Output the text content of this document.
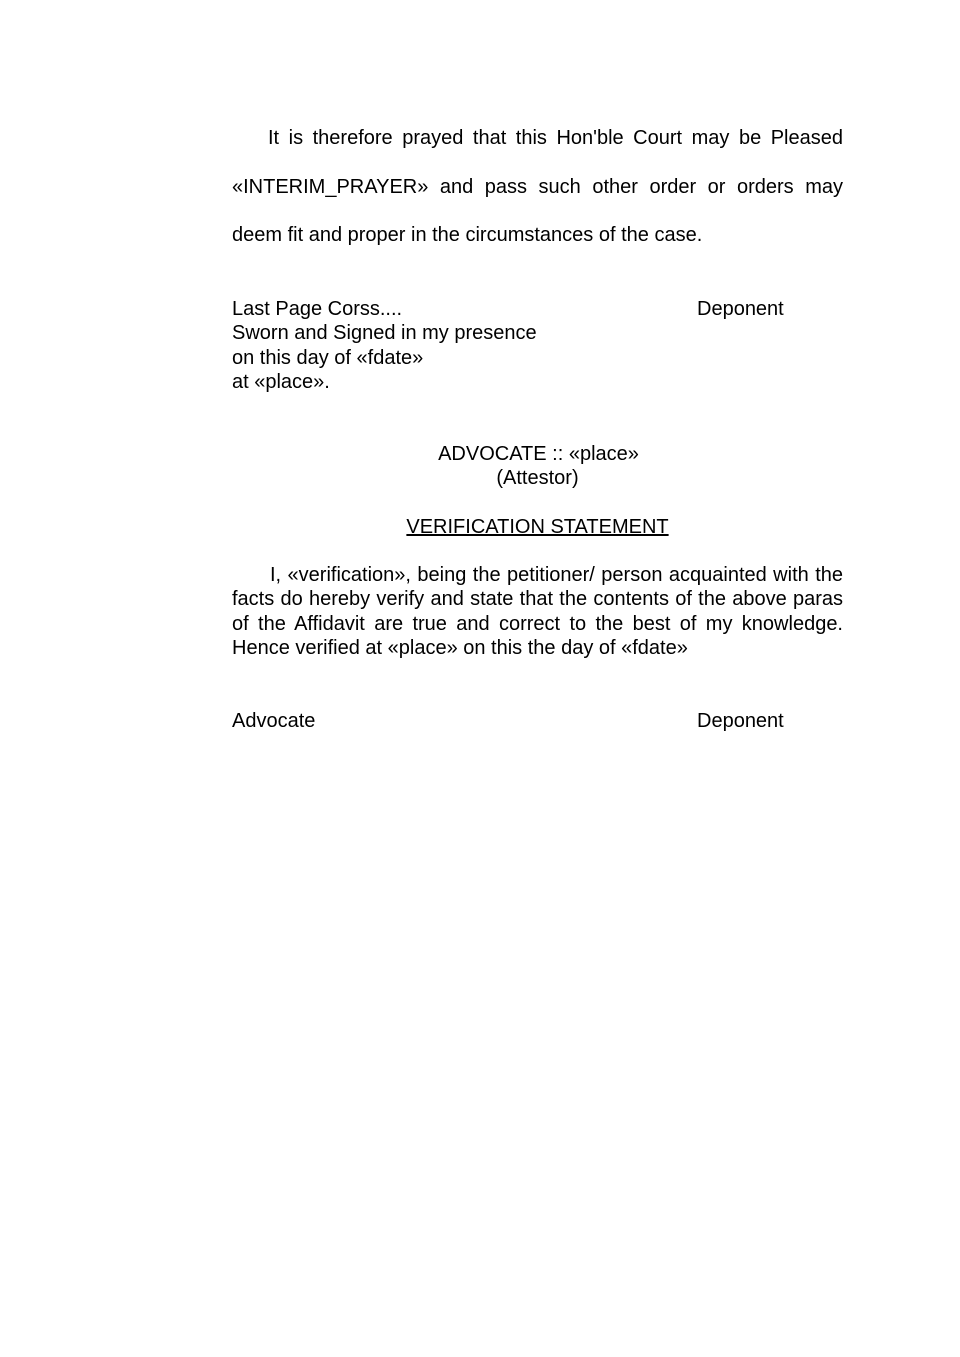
It is therefore prayed that this Hon'ble Court may be Pleased «INTERIM_PRAYER» and pass such other order or orders may deem fit and proper in the circumstances of the case.

Last Page Corss....
Sworn and Signed in my presence
on this day of «fdate»
at «place».
Deponent
ADVOCATE :: «place»
(Attestor)
VERIFICATION STATEMENT

I, «verification», being the petitioner/ person acquainted with the facts do hereby verify and state that the contents of the above paras of the Affidavit are true and correct to the best of my knowledge. Hence verified at «place» on this the day of «fdate»

Advocate	Deponent
